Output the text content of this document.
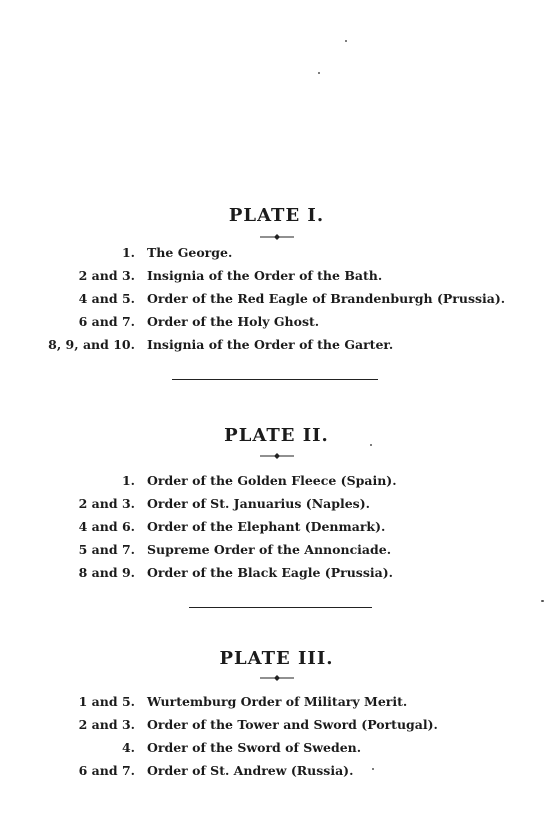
PLATE I.
1. The George.
2 and 3. Insignia of the Order of the Bath.
4 and 5. Order of the Red Eagle of Brandenburgh (Prussia).
6 and 7. Order of the Holy Ghost.
8, 9, and 10. Insignia of the Order of the Garter.
PLATE II.
1. Order of the Golden Fleece (Spain).
2 and 3. Order of St. Januarius (Naples).
4 and 6. Order of the Elephant (Denmark).
5 and 7. Supreme Order of the Annonciade.
8 and 9. Order of the Black Eagle (Prussia).
PLATE III.
1 and 5. Wurtemburg Order of Military Merit.
2 and 3. Order of the Tower and Sword (Portugal).
4. Order of the Sword of Sweden.
6 and 7. Order of St. Andrew (Russia).
